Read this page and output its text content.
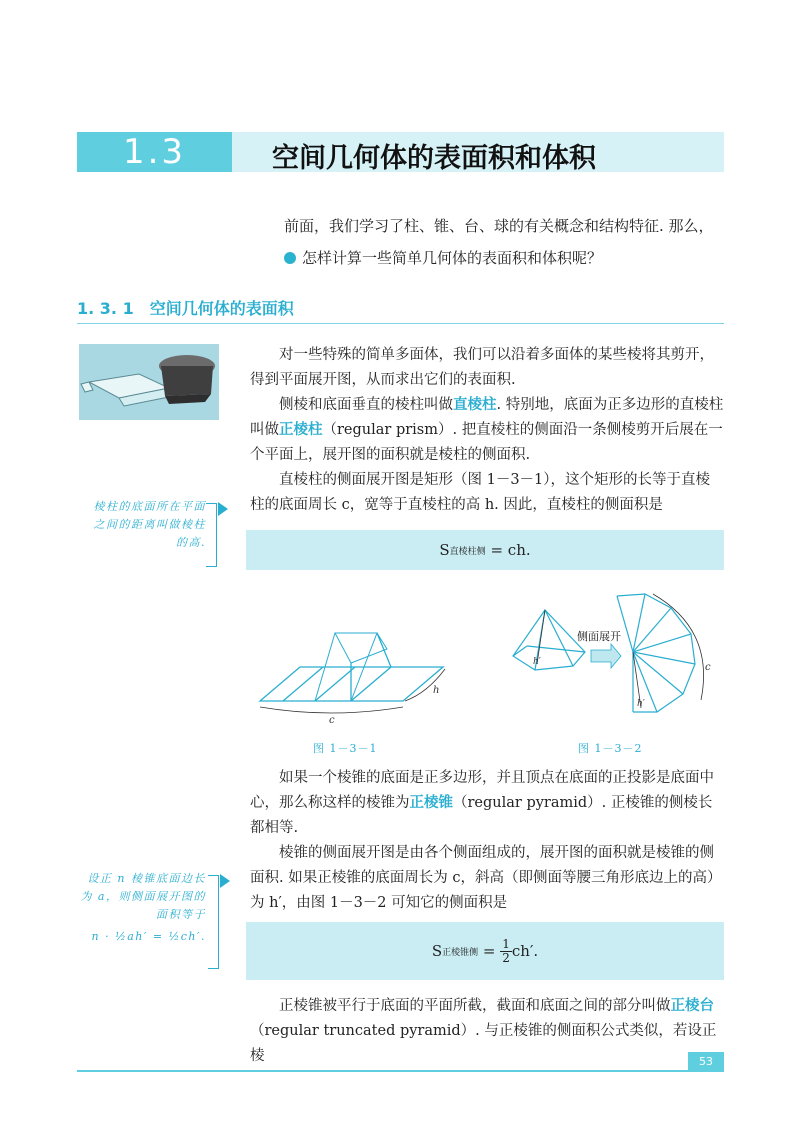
1.3	空间几何体的表面积和体积
前面，我们学习了柱、锥、台、球的有关概念和结构特征. 那么，
怎样计算一些简单几何体的表面积和体积呢？
1. 3. 1　空间几何体的表面积

对一些特殊的简单多面体，我们可以沿着多面体的某些棱将其剪开，得到平面展开图，从而求出它们的表面积.

侧棱和底面垂直的棱柱叫做直棱柱. 特别地，底面为正多边形的直棱柱叫做正棱柱（regular prism）. 把直棱柱的侧面沿一条侧棱剪开后展在一个平面上，展开图的面积就是棱柱的侧面积.

直棱柱的侧面展开图是矩形（图 1－3－1），这个矩形的长等于直棱柱的底面周长 c，宽等于直棱柱的高 h. 因此，直棱柱的侧面积是

棱柱的底面所在平面之间的距离叫做棱柱的高.	S 直棱柱侧
= ch.
c
h
图 1－3－1
h′
侧面展开
h′
c
图 1－3－2

如果一个棱锥的底面是正多边形，并且顶点在底面的正投影是底面中心，那么称这样的棱锥为正棱锥（regular pyramid）. 正棱锥的侧棱长都相等.

棱锥的侧面展开图是由各个侧面组成的，展开图的面积就是棱锥的侧面积. 如果正棱锥的底面周长为 c，斜高（即侧面等腰三角形底边上的高）为 h′，由图 1－3－2 可知它的侧面积是

设正 n 棱锥底面边长为 a，则侧面展开图的面积等于
n · ½ah′ = ½ch′.
S 正棱锥侧
=
$\frac{1}{2} ch'$.

正棱锥被平行于底面的平面所截，截面和底面之间的部分叫做正棱台（regular truncated pyramid）. 与正棱锥的侧面积公式类似，若设正棱	53
